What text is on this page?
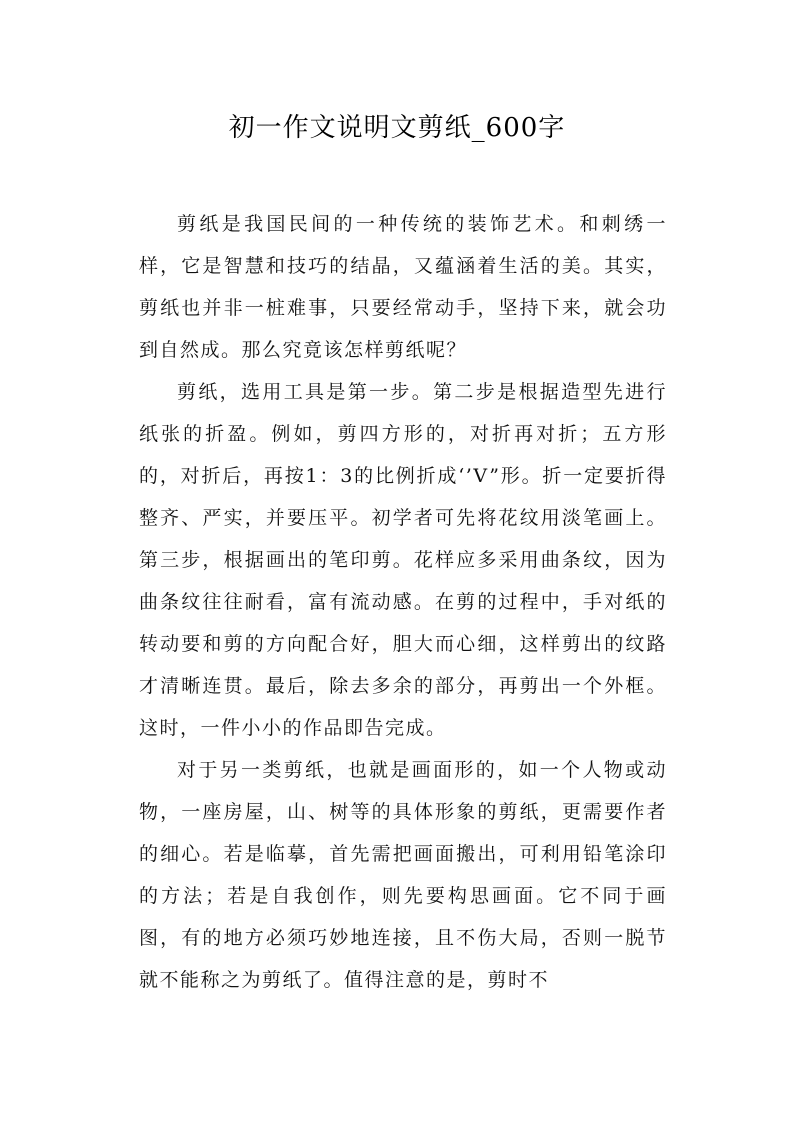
初一作文说明文剪纸_600字

剪纸是我国民间的一种传统的装饰艺术。和刺绣一样，它是智慧和技巧的结晶，又蕴涵着生活的美。其实，剪纸也并非一桩难事，只要经常动手，坚持下来，就会功到自然成。那么究竟该怎样剪纸呢？

剪纸，选用工具是第一步。第二步是根据造型先进行纸张的折盈。例如，剪四方形的，对折再对折；五方形的，对折后，再按1：3的比例折成‘’V”形。折一定要折得整齐、严实，并要压平。初学者可先将花纹用淡笔画上。第三步，根据画出的笔印剪。花样应多采用曲条纹，因为曲条纹往往耐看，富有流动感。在剪的过程中，手对纸的转动要和剪的方向配合好，胆大而心细，这样剪出的纹路才清晰连贯。最后，除去多余的部分，再剪出一个外框。这时，一件小小的作品即告完成。

对于另一类剪纸，也就是画面形的，如一个人物或动物，一座房屋，山、树等的具体形象的剪纸，更需要作者的细心。若是临摹，首先需把画面搬出，可利用铅笔涂印的方法；若是自我创作，则先要构思画面。它不同于画图，有的地方必须巧妙地连接，且不伤大局，否则一脱节就不能称之为剪纸了。值得注意的是，剪时不
